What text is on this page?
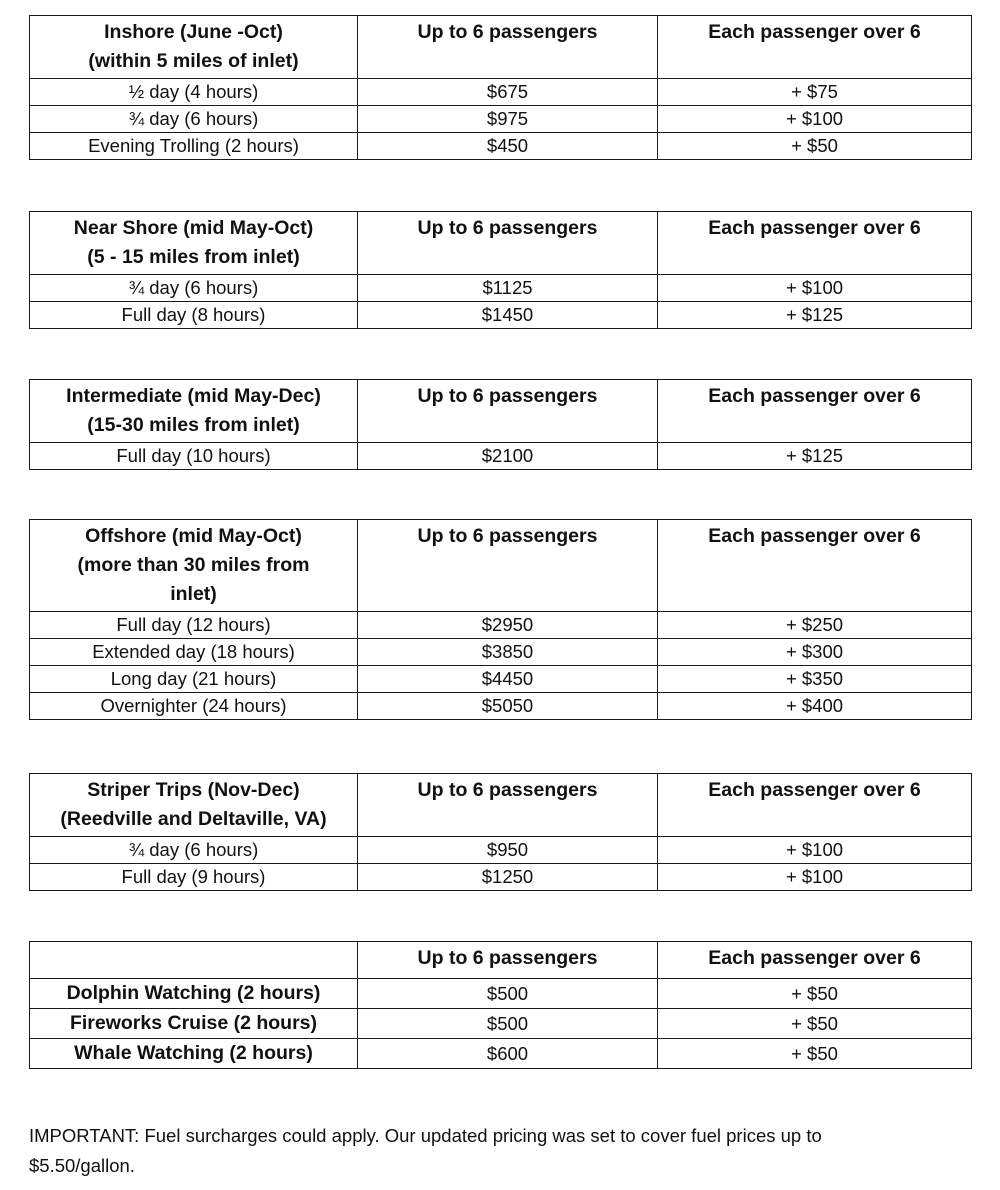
Inshore (June -Oct)
(within 5 miles of inlet)	Up to 6 passengers	Each passenger over 6
½ day (4 hours)	$675	+ $75
¾ day (6 hours)	$975	+ $100
Evening Trolling (2 hours)	$450	+ $50
Near Shore (mid May-Oct)
(5 - 15 miles from inlet)	Up to 6 passengers	Each passenger over 6
¾ day (6 hours)	$1125	+ $100
Full day (8 hours)	$1450	+ $125
Intermediate (mid May-Dec)
(15-30 miles from inlet)	Up to 6 passengers	Each passenger over 6
Full day (10 hours)	$2100	+ $125
Offshore (mid May-Oct)
(more than 30 miles from
inlet)	Up to 6 passengers	Each passenger over 6
Full day (12 hours)	$2950	+ $250
Extended day (18 hours)	$3850	+ $300
Long day (21 hours)	$4450	+ $350
Overnighter (24 hours)	$5050	+ $400
Striper Trips (Nov-Dec)
(Reedville and Deltaville, VA)	Up to 6 passengers	Each passenger over 6
¾ day (6 hours)	$950	+ $100
Full day (9 hours)	$1250	+ $100
	Up to 6 passengers	Each passenger over 6
Dolphin Watching (2 hours)	$500	+ $50
Fireworks Cruise (2 hours)	$500	+ $50
Whale Watching (2 hours)	$600	+ $50

IMPORTANT: Fuel surcharges could apply. Our updated pricing was set to cover fuel prices up to
$5.50/gallon.
